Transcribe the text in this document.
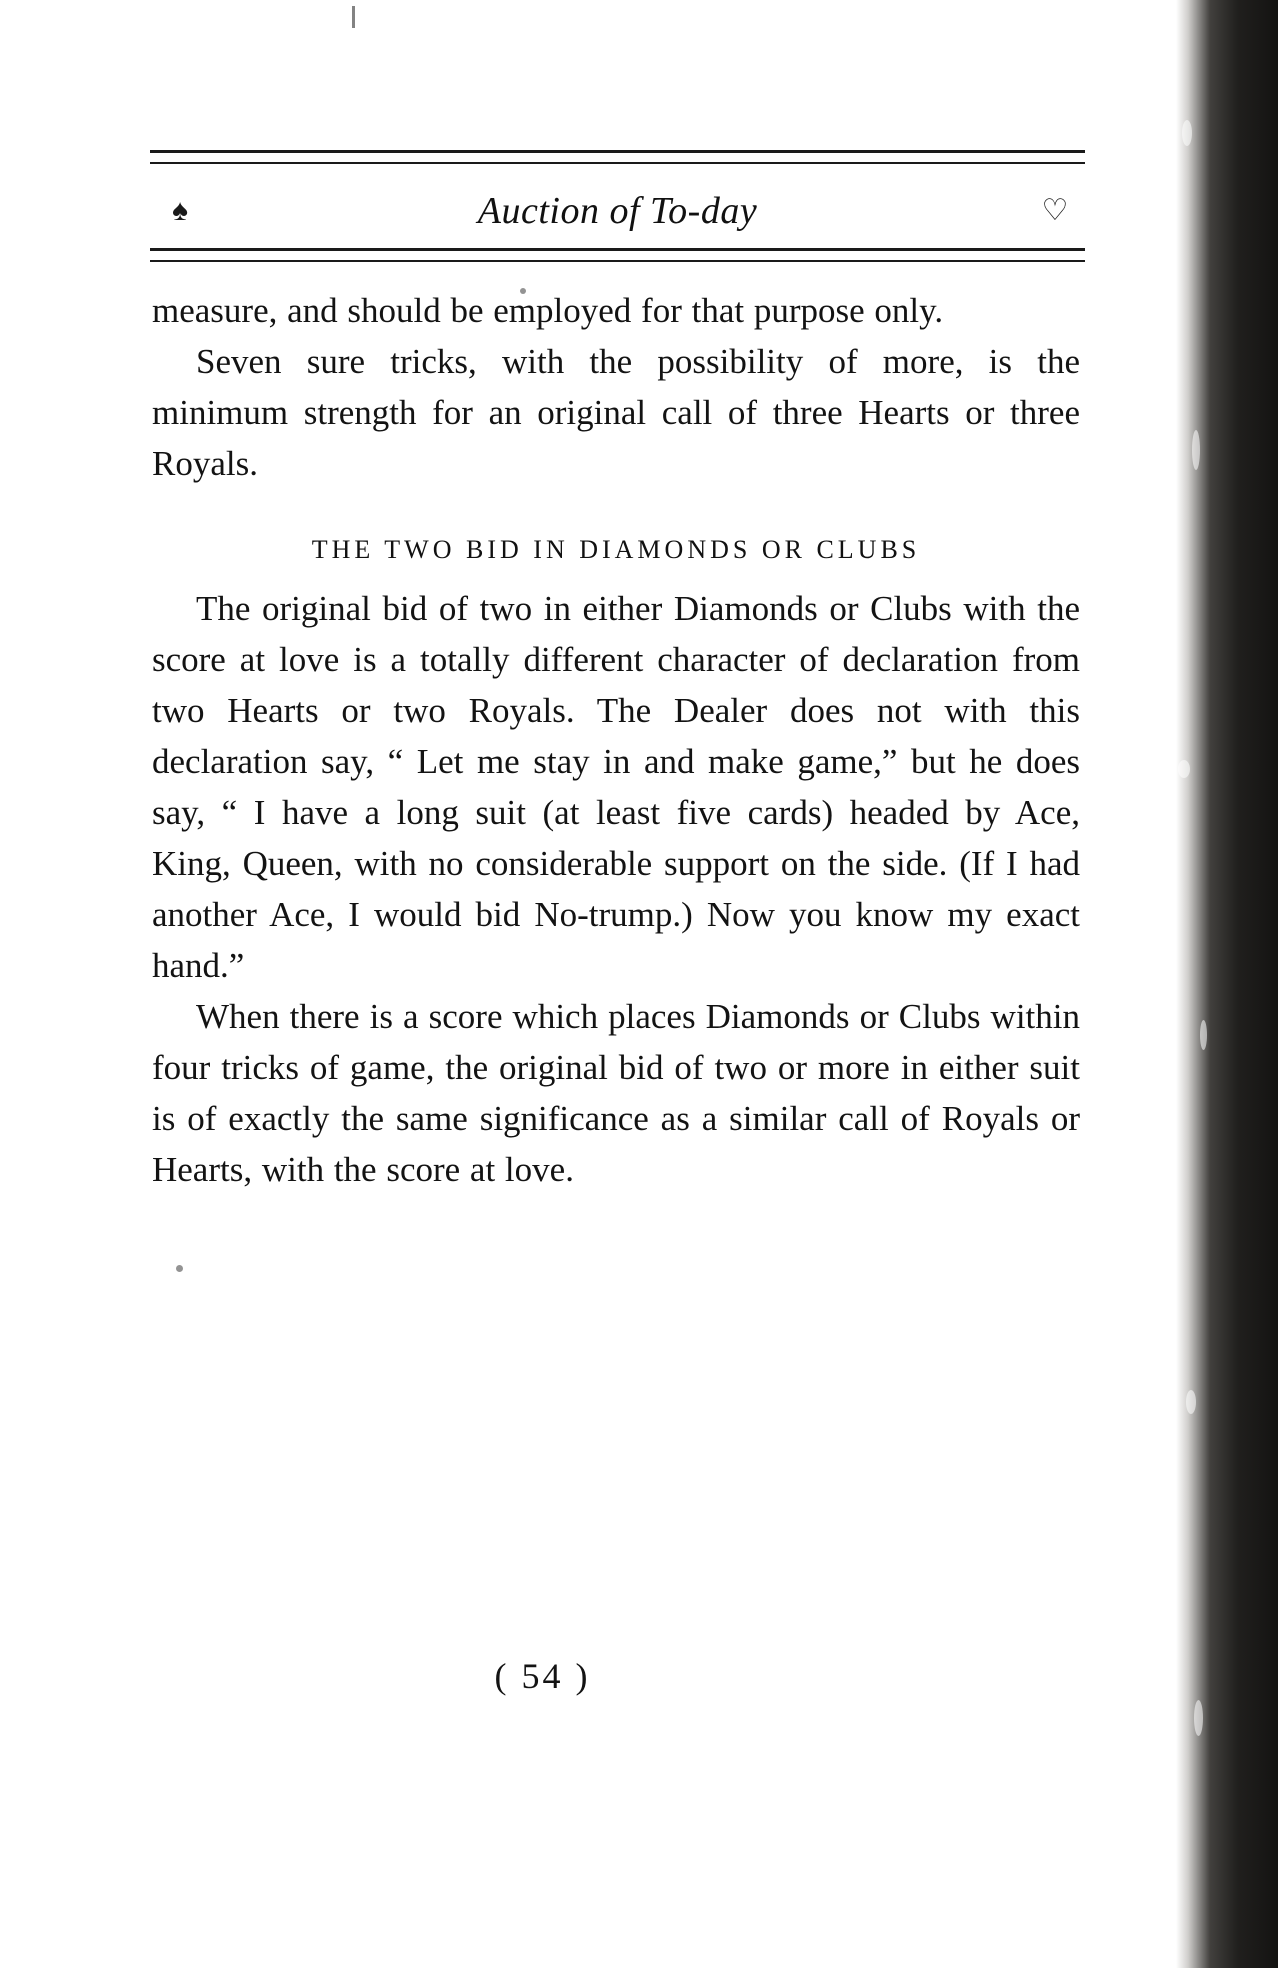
♠	Auction of To-day	♡

measure, and should be employed for that purpose only.

Seven sure tricks, with the possibility of more, is the minimum strength for an original call of three Hearts or three Royals.

THE TWO BID IN DIAMONDS OR CLUBS

The original bid of two in either Diamonds or Clubs with the score at love is a totally different character of declaration from two Hearts or two Royals. The Dealer does not with this declaration say, “ Let me stay in and make game,” but he does say, “ I have a long suit (at least five cards) headed by Ace, King, Queen, with no considerable support on the side. (If I had another Ace, I would bid No-trump.) Now you know my exact hand.”

When there is a score which places Diamonds or Clubs within four tricks of game, the original bid of two or more in either suit is of exactly the same significance as a similar call of Royals or Hearts, with the score at love.

( 54 )
